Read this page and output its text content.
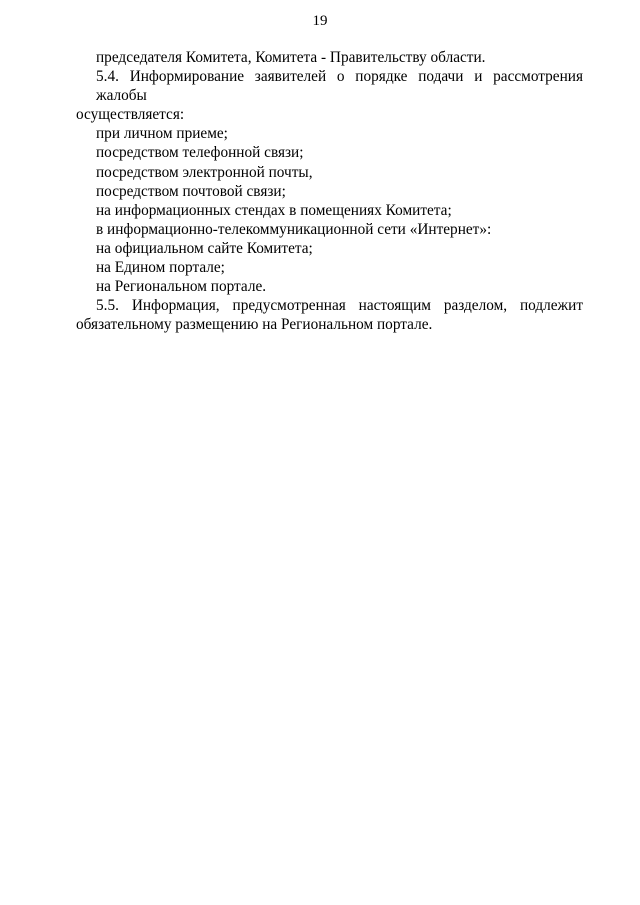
19
председателя Комитета, Комитета - Правительству области.
5.4. Информирование заявителей о порядке подачи и рассмотрения жалобы
осуществляется:
при личном приеме;
посредством телефонной связи;
посредством электронной почты,
посредством почтовой связи;
на информационных стендах в помещениях Комитета;
в информационно-телекоммуникационной сети «Интернет»:
на официальном сайте Комитета;
на Едином портале;
на Региональном портале.
5.5. Информация, предусмотренная настоящим разделом, подлежит
обязательному размещению на Региональном портале.
